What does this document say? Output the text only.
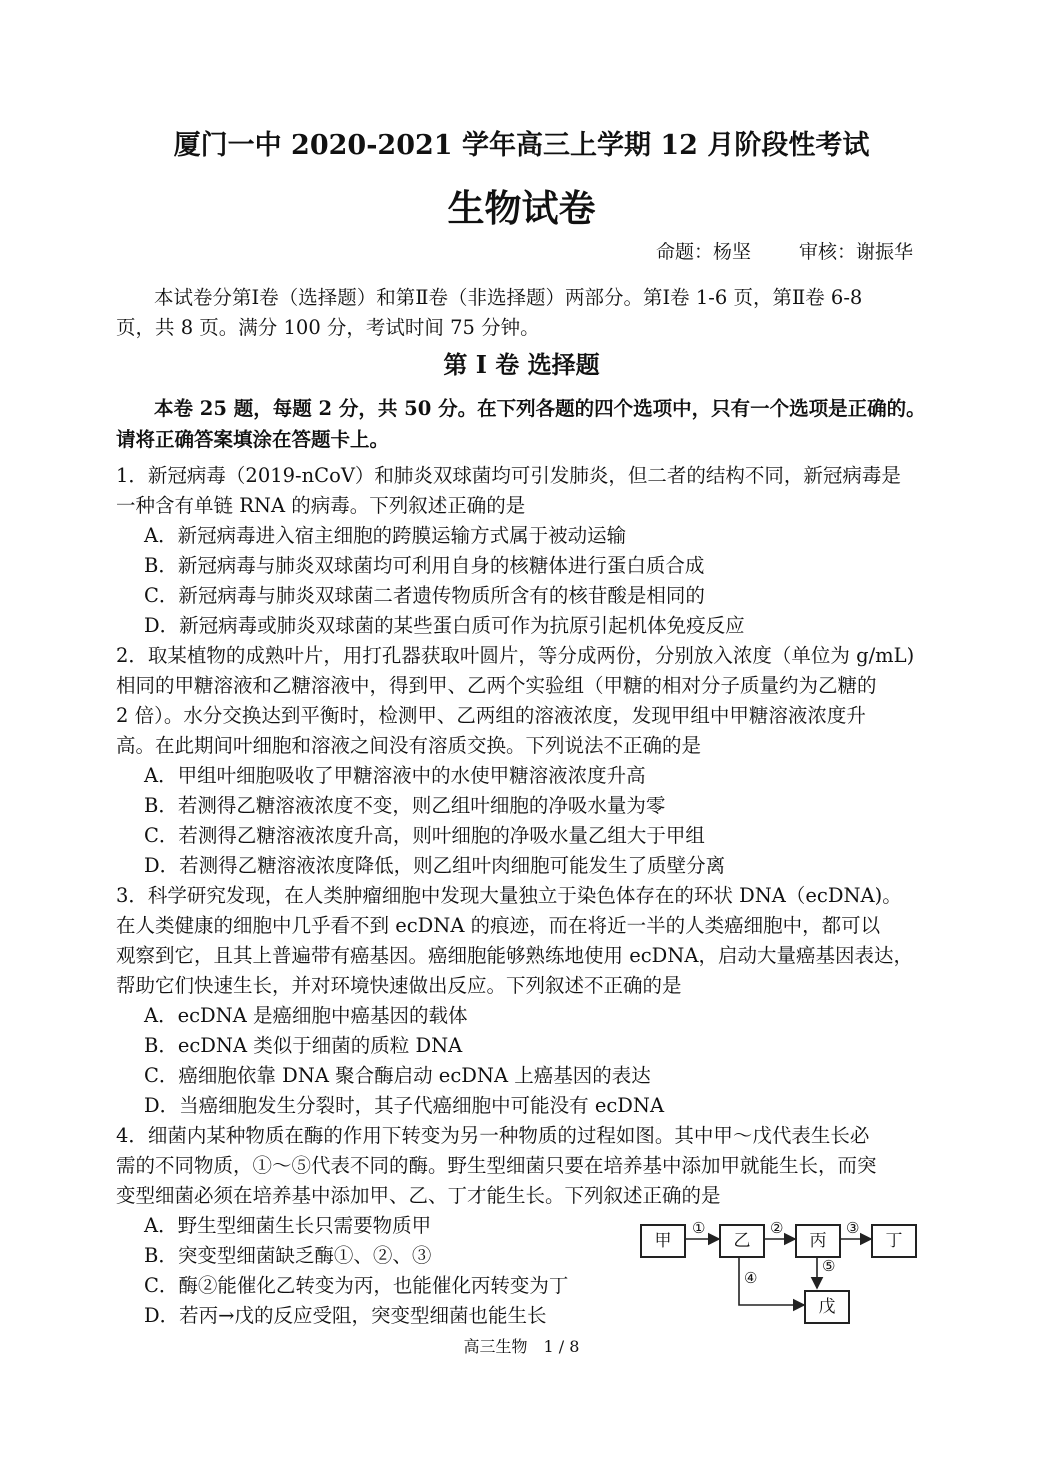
厦门一中 2020-2021 学年高三上学期 12 月阶段性考试
生物试卷
命题：杨坚	审核：谢振华
本试卷分第Ⅰ卷（选择题）和第Ⅱ卷（非选择题）两部分。第Ⅰ卷 1-6 页，第Ⅱ卷 6-8
页，共 8 页。满分 100 分，考试时间 75 分钟。
第 I 卷 选择题
本卷 25 题，每题 2 分，共 50 分。在下列各题的四个选项中，只有一个选项是正确的。
请将正确答案填涂在答题卡上。
1．新冠病毒（2019-nCoV）和肺炎双球菌均可引发肺炎，但二者的结构不同，新冠病毒是
一种含有单链 RNA 的病毒。下列叙述正确的是
A．新冠病毒进入宿主细胞的跨膜运输方式属于被动运输
B．新冠病毒与肺炎双球菌均可利用自身的核糖体进行蛋白质合成
C．新冠病毒与肺炎双球菌二者遗传物质所含有的核苷酸是相同的
D．新冠病毒或肺炎双球菌的某些蛋白质可作为抗原引起机体免疫反应
2．取某植物的成熟叶片，用打孔器获取叶圆片，等分成两份，分别放入浓度（单位为 g/mL)
相同的甲糖溶液和乙糖溶液中，得到甲、乙两个实验组（甲糖的相对分子质量约为乙糖的
2 倍）。水分交换达到平衡时，检测甲、乙两组的溶液浓度，发现甲组中甲糖溶液浓度升
高。在此期间叶细胞和溶液之间没有溶质交换。下列说法不正确的是
A．甲组叶细胞吸收了甲糖溶液中的水使甲糖溶液浓度升高
B．若测得乙糖溶液浓度不变，则乙组叶细胞的净吸水量为零
C．若测得乙糖溶液浓度升高，则叶细胞的净吸水量乙组大于甲组
D．若测得乙糖溶液浓度降低，则乙组叶肉细胞可能发生了质壁分离
3．科学研究发现，在人类肿瘤细胞中发现大量独立于染色体存在的环状 DNA（ecDNA)。
在人类健康的细胞中几乎看不到 ecDNA 的痕迹，而在将近一半的人类癌细胞中，都可以
观察到它，且其上普遍带有癌基因。癌细胞能够熟练地使用 ecDNA，启动大量癌基因表达，
帮助它们快速生长，并对环境快速做出反应。下列叙述不正确的是
A．ecDNA 是癌细胞中癌基因的载体
B．ecDNA 类似于细菌的质粒 DNA
C．癌细胞依靠 DNA 聚合酶启动 ecDNA 上癌基因的表达
D．当癌细胞发生分裂时，其子代癌细胞中可能没有 ecDNA
4．细菌内某种物质在酶的作用下转变为另一种物质的过程如图。其中甲～戊代表生长必
需的不同物质，①～⑤代表不同的酶。野生型细菌只要在培养基中添加甲就能生长，而突
变型细菌必须在培养基中添加甲、乙、丁才能生长。下列叙述正确的是
A．野生型细菌生长只需要物质甲
B．突变型细菌缺乏酶①、②、③
C．酶②能催化乙转变为丙，也能催化丙转变为丁
D．若丙→戊的反应受阻，突变型细菌也能生长
甲	乙	丙	丁
戊
①	②	③
④
⑤
高三生物　1 / 8
